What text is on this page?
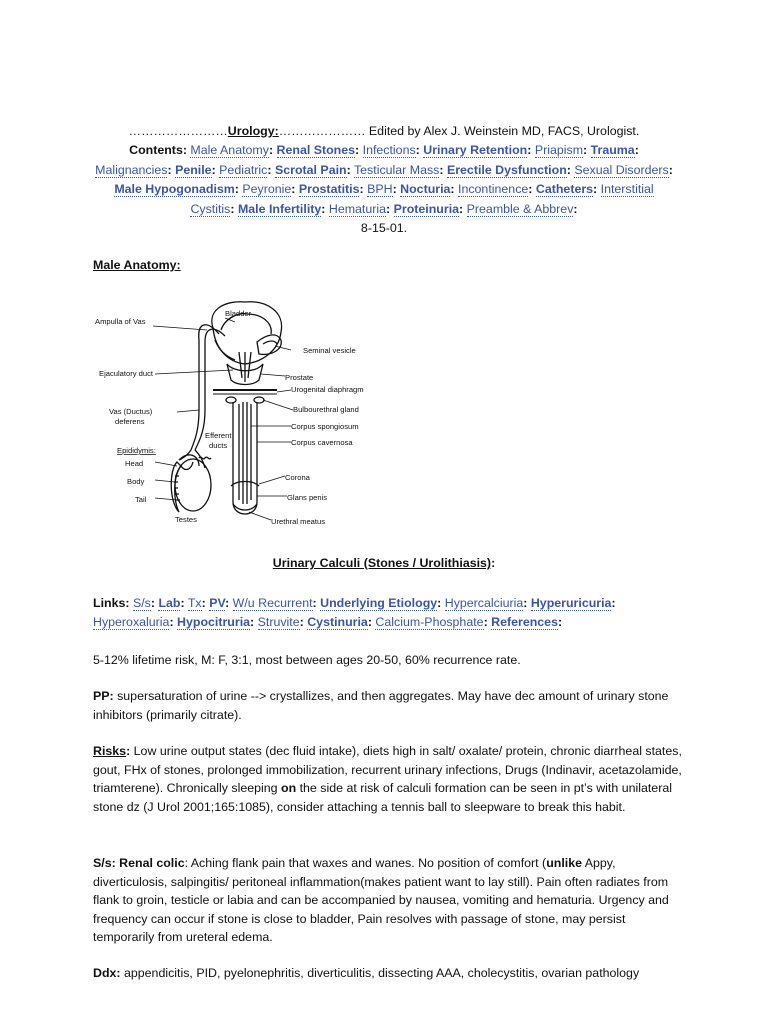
……………………Urology:………………… Edited by Alex J. Weinstein MD, FACS, Urologist.
Contents: Male Anatomy: Renal Stones: Infections: Urinary Retention: Priapism: Trauma: Malignancies: Penile: Pediatric: Scrotal Pain: Testicular Mass: Erectile Dysfunction: Sexual Disorders: Male Hypogonadism: Peyronie: Prostatitis: BPH: Nocturia: Incontinence: Catheters: Interstitial Cystitis: Male Infertility: Hematuria: Proteinuria: Preamble & Abbrev:
8-15-01.
Male Anatomy:
Ampulla of Vas
Bladder
Seminal vesicle
Ejaculatory duct	Prostate
Urogenital diaphragm
Bulbourethral gland
Vas (Ductus)
deferens
Corpus spongiosum
Epididymis:
Efferent
ducts	Corpus cavernosa
Head
Body
Tail
Corona
Glans penis
Testes	Urethral meatus
Urinary Calculi (Stones / Urolithiasis):
Links: S/s: Lab: Tx: PV: W/u Recurrent: Underlying Etiology: Hypercalciuria: Hyperuricuria: Hyperoxaluria: Hypocitruria: Struvite: Cystinuria: Calcium-Phosphate: References:

5-12% lifetime risk, M: F, 3:1, most between ages 20-50, 60% recurrence rate.

PP: supersaturation of urine --> crystallizes, and then aggregates. May have dec amount of urinary stone inhibitors (primarily citrate).

Risks: Low urine output states (dec fluid intake), diets high in salt/ oxalate/ protein, chronic diarrheal states, gout, FHx of stones, prolonged immobilization, recurrent urinary infections, Drugs (Indinavir, acetazolamide, triamterene). Chronically sleeping on the side at risk of calculi formation can be seen in pt’s with unilateral stone dz (J Urol 2001;165:1085), consider attaching a tennis ball to sleepware to break this habit.

S/s: Renal colic: Aching flank pain that waxes and wanes. No position of comfort (unlike Appy, diverticulosis, salpingitis/ peritoneal inflammation(makes patient want to lay still). Pain often radiates from flank to groin, testicle or labia and can be accompanied by nausea, vomiting and hematuria. Urgency and frequency can occur if stone is close to bladder, Pain resolves with passage of stone, may persist temporarily from ureteral edema.

Ddx: appendicitis, PID, pyelonephritis, diverticulitis, dissecting AAA, cholecystitis, ovarian pathology
